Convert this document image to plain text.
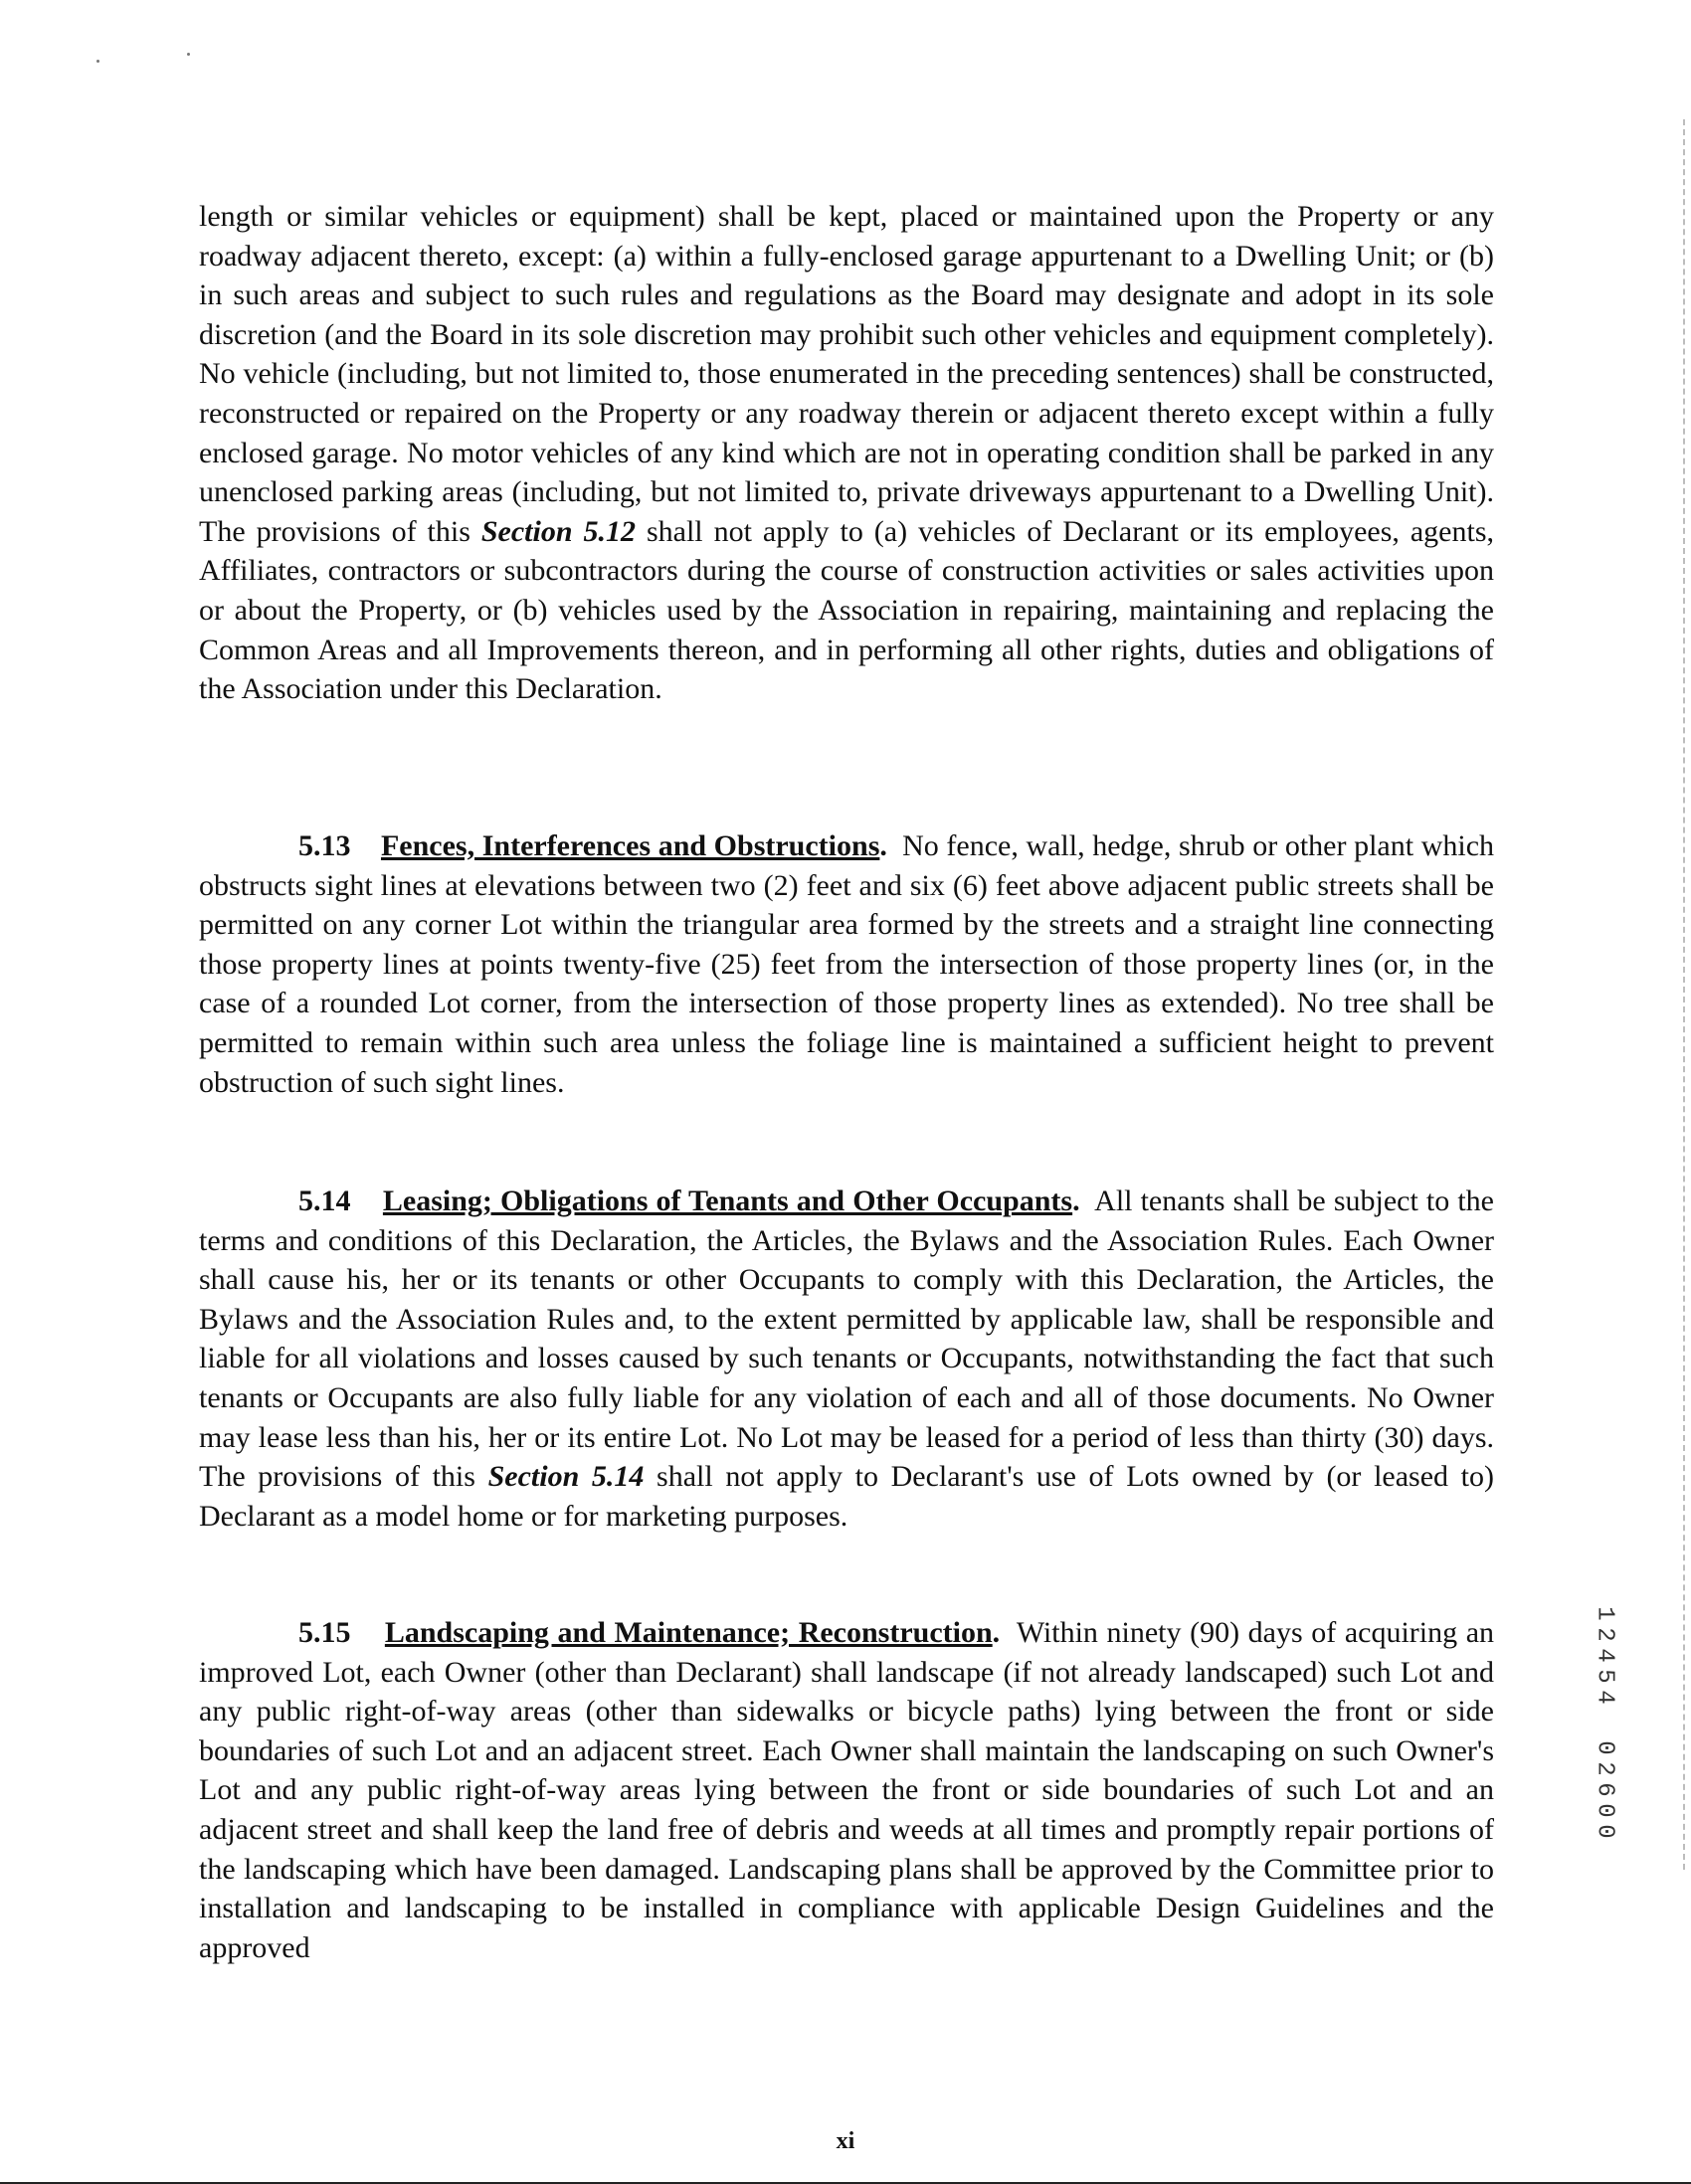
length or similar vehicles or equipment) shall be kept, placed or maintained upon the Property or any roadway adjacent thereto, except: (a) within a fully-enclosed garage appurtenant to a Dwelling Unit; or (b) in such areas and subject to such rules and regulations as the Board may designate and adopt in its sole discretion (and the Board in its sole discretion may prohibit such other vehicles and equipment completely). No vehicle (including, but not limited to, those enumerated in the preceding sentences) shall be constructed, reconstructed or repaired on the Property or any roadway therein or adjacent thereto except within a fully enclosed garage. No motor vehicles of any kind which are not in operating condition shall be parked in any unenclosed parking areas (including, but not limited to, private driveways appurtenant to a Dwelling Unit). The provisions of this Section 5.12 shall not apply to (a) vehicles of Declarant or its employees, agents, Affiliates, contractors or subcontractors during the course of construction activities or sales activities upon or about the Property, or (b) vehicles used by the Association in repairing, maintaining and replacing the Common Areas and all Improvements thereon, and in performing all other rights, duties and obligations of the Association under this Declaration.

5.13 Fences, Interferences and Obstructions. No fence, wall, hedge, shrub or other plant which obstructs sight lines at elevations between two (2) feet and six (6) feet above adjacent public streets shall be permitted on any corner Lot within the triangular area formed by the streets and a straight line connecting those property lines at points twenty-five (25) feet from the intersection of those property lines (or, in the case of a rounded Lot corner, from the intersection of those property lines as extended). No tree shall be permitted to remain within such area unless the foliage line is maintained a sufficient height to prevent obstruction of such sight lines.

5.14 Leasing; Obligations of Tenants and Other Occupants. All tenants shall be subject to the terms and conditions of this Declaration, the Articles, the Bylaws and the Association Rules. Each Owner shall cause his, her or its tenants or other Occupants to comply with this Declaration, the Articles, the Bylaws and the Association Rules and, to the extent permitted by applicable law, shall be responsible and liable for all violations and losses caused by such tenants or Occupants, notwithstanding the fact that such tenants or Occupants are also fully liable for any violation of each and all of those documents. No Owner may lease less than his, her or its entire Lot. No Lot may be leased for a period of less than thirty (30) days. The provisions of this Section 5.14 shall not apply to Declarant's use of Lots owned by (or leased to) Declarant as a model home or for marketing purposes.

5.15 Landscaping and Maintenance; Reconstruction. Within ninety (90) days of acquiring an improved Lot, each Owner (other than Declarant) shall landscape (if not already landscaped) such Lot and any public right-of-way areas (other than sidewalks or bicycle paths) lying between the front or side boundaries of such Lot and an adjacent street. Each Owner shall maintain the landscaping on such Owner's Lot and any public right-of-way areas lying between the front or side boundaries of such Lot and an adjacent street and shall keep the land free of debris and weeds at all times and promptly repair portions of the landscaping which have been damaged. Landscaping plans shall be approved by the Committee prior to installation and landscaping to be installed in compliance with applicable Design Guidelines and the approved

1
2
4
5
4
0
2
6
0
0
xi
